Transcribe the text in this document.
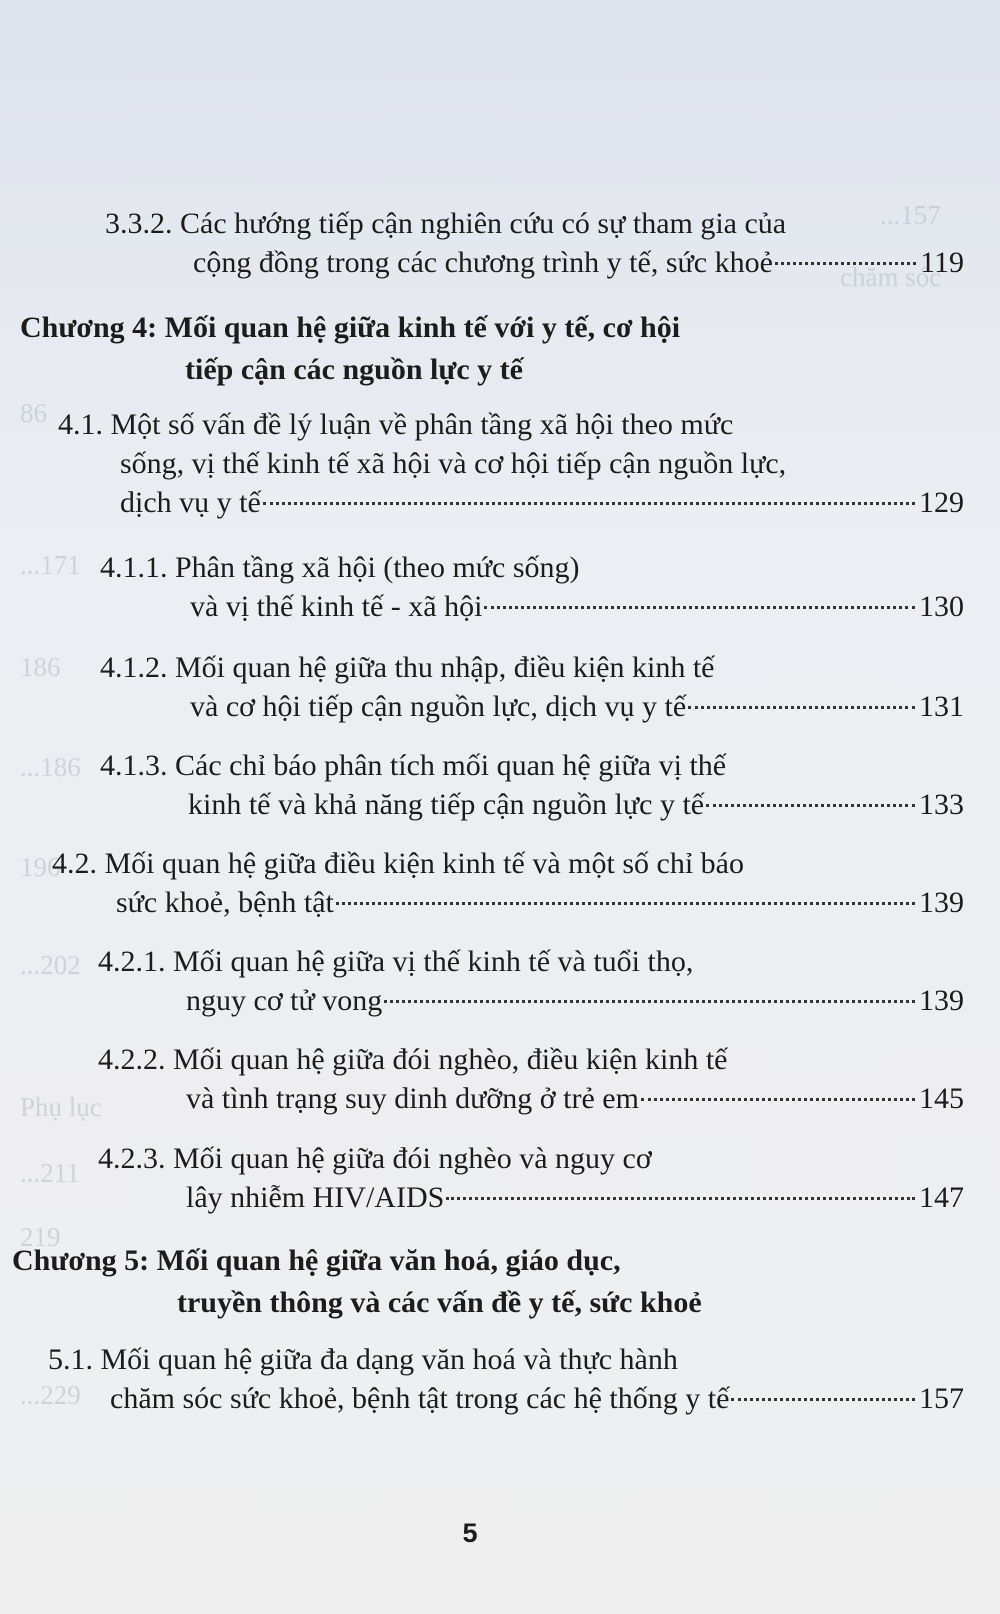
...157
chăm sóc
86
...171
186
...186
196
...202
Phụ lục
...211
219
...229
3.3.2. Các hướng tiếp cận nghiên cứu có sự tham gia của
cộng đồng trong các chương trình y tế, sức khoẻ	119
Chương 4: Mối quan hệ giữa kinh tế với y tế, cơ hội
tiếp cận các nguồn lực y tế
4.1. Một số vấn đề lý luận về phân tầng xã hội theo mức
sống, vị thế kinh tế xã hội và cơ hội tiếp cận nguồn lực,
dịch vụ y tế	129
4.1.1. Phân tầng xã hội (theo mức sống)
và vị thế kinh tế - xã hội	130
4.1.2. Mối quan hệ giữa thu nhập, điều kiện kinh tế
và cơ hội tiếp cận nguồn lực, dịch vụ y tế	131
4.1.3. Các chỉ báo phân tích mối quan hệ giữa vị thế
kinh tế và khả năng tiếp cận nguồn lực y tế	133
4.2. Mối quan hệ giữa điều kiện kinh tế và một số chỉ báo
sức khoẻ, bệnh tật	139
4.2.1. Mối quan hệ giữa vị thế kinh tế và tuổi thọ,
nguy cơ tử vong	139
4.2.2. Mối quan hệ giữa đói nghèo, điều kiện kinh tế
và tình trạng suy dinh dưỡng ở trẻ em	145
4.2.3. Mối quan hệ giữa đói nghèo và nguy cơ
lây nhiễm HIV/AIDS	147
Chương 5: Mối quan hệ giữa văn hoá, giáo dục,
truyền thông và các vấn đề y tế, sức khoẻ
5.1. Mối quan hệ giữa đa dạng văn hoá và thực hành
chăm sóc sức khoẻ, bệnh tật trong các hệ thống y tế	157
5
